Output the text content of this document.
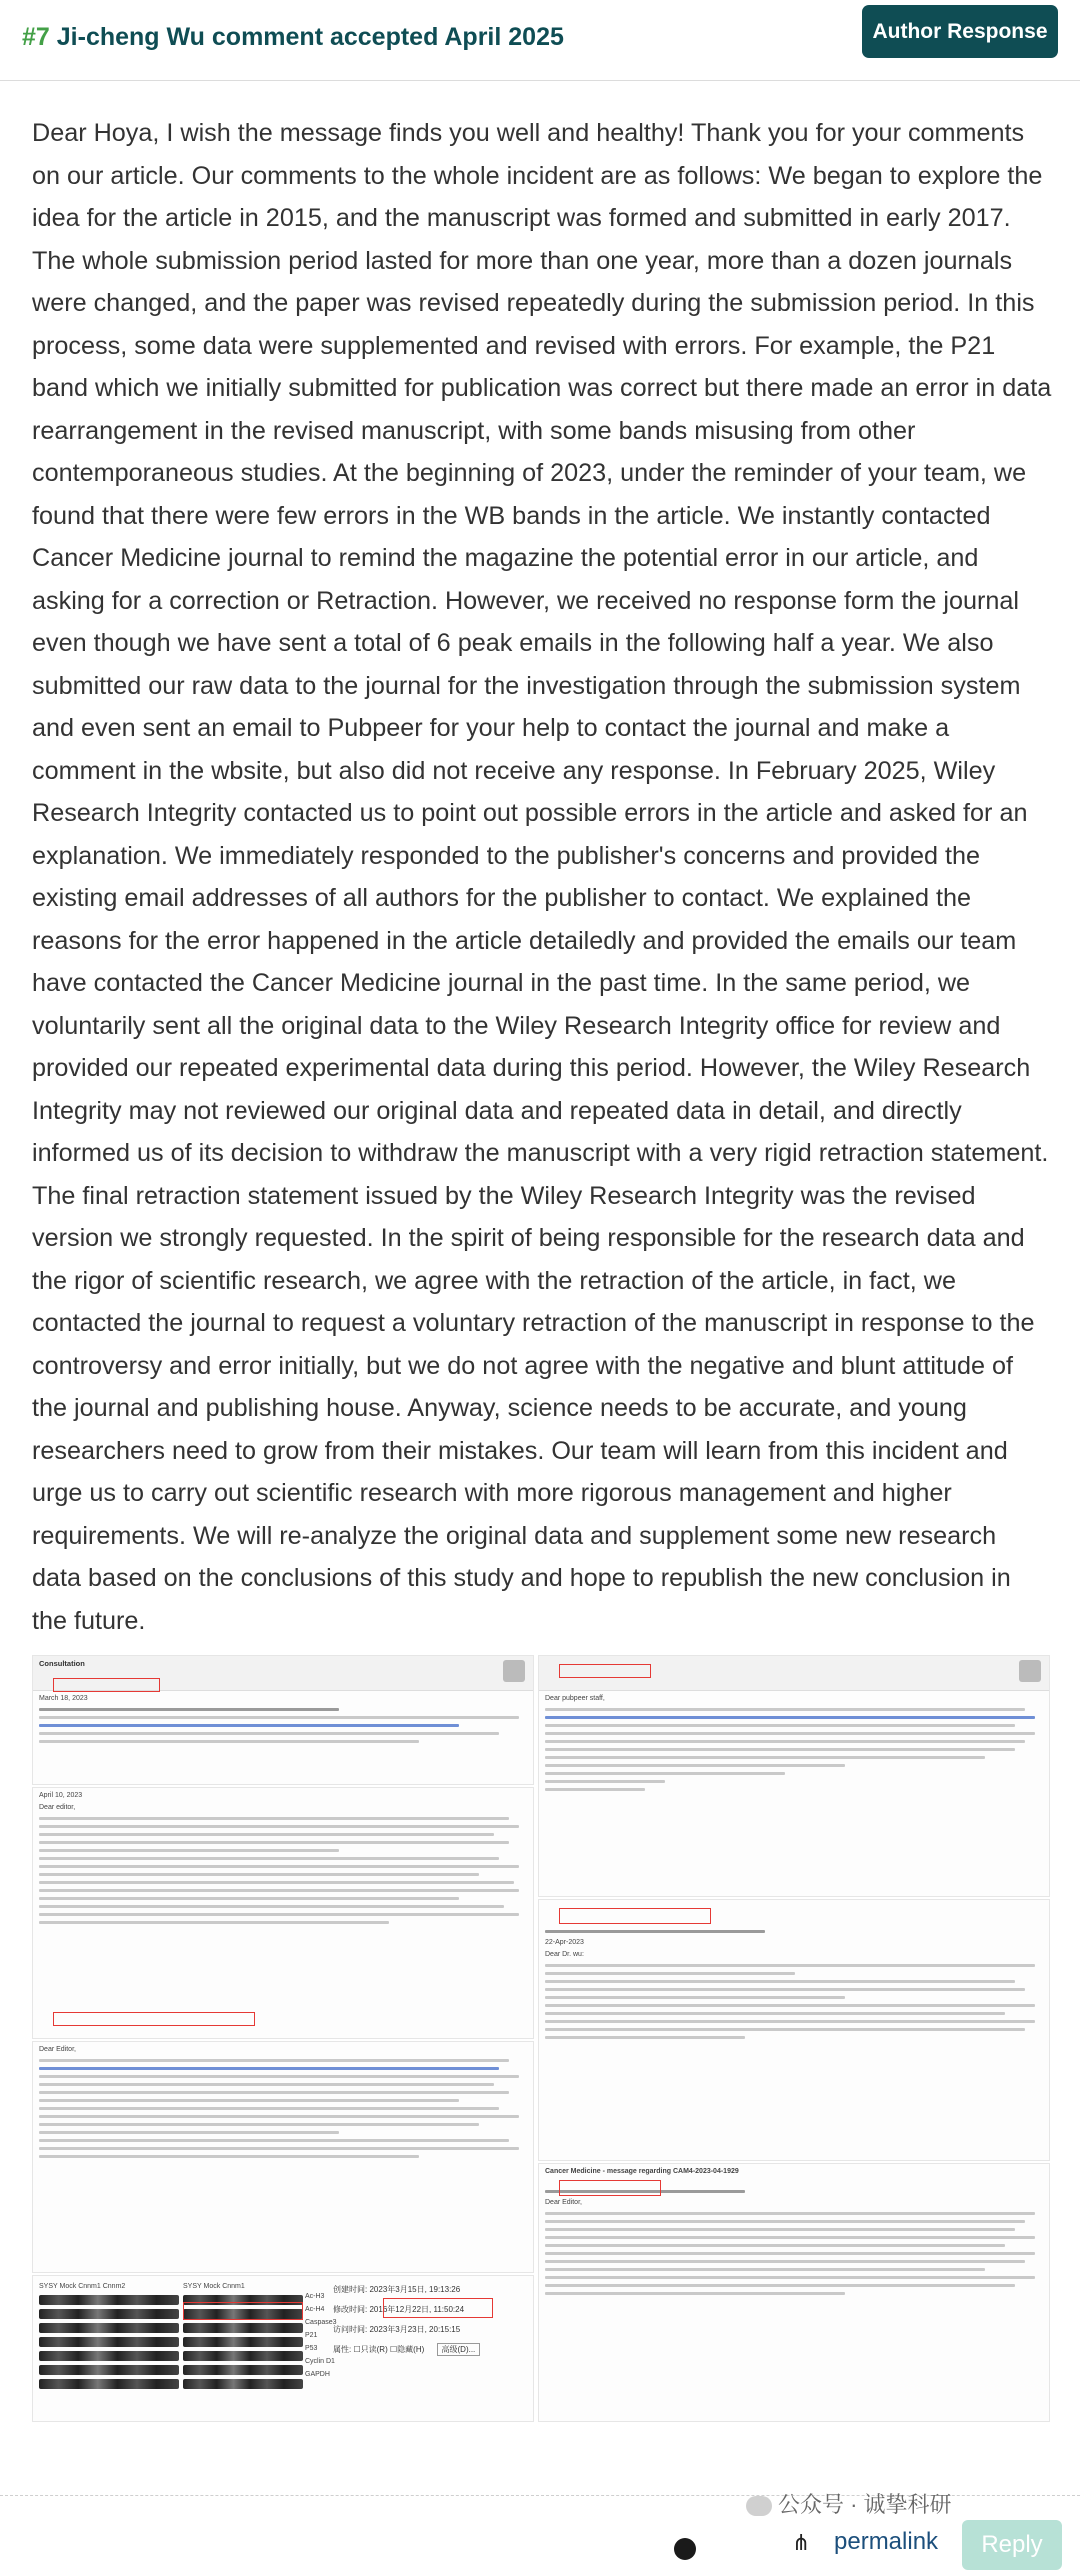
#7 Ji-cheng Wu comment accepted April 2025	Author Response

Dear Hoya, I wish the message finds you well and healthy! Thank you for your comments on our article. Our comments to the whole incident are as follows: We began to explore the idea for the article in 2015, and the manuscript was formed and submitted in early 2017. The whole submission period lasted for more than one year, more than a dozen journals were changed, and the paper was revised repeatedly during the submission period. In this process, some data were supplemented and revised with errors. For example, the P21 band which we initially submitted for publication was correct but there made an error in data rearrangement in the revised manuscript, with some bands misusing from other contemporaneous studies. At the beginning of 2023, under the reminder of your team, we found that there were few errors in the WB bands in the article. We instantly contacted Cancer Medicine journal to remind the magazine the potential error in our article, and asking for a correction or Retraction. However, we received no response form the journal even though we have sent a total of 6 peak emails in the following half a year. We also submitted our raw data to the journal for the investigation through the submission system and even sent an email to Pubpeer for your help to contact the journal and make a comment in the wbsite, but also did not receive any response. In February 2025, Wiley Research Integrity contacted us to point out possible errors in the article and asked for an explanation. We immediately responded to the publisher's concerns and provided the existing email addresses of all authors for the publisher to contact. We explained the reasons for the error happened in the article detailedly and provided the emails our team have contacted the Cancer Medicine journal in the past time. In the same period, we voluntarily sent all the original data to the Wiley Research Integrity office for review and provided our repeated experimental data during this period. However, the Wiley Research Integrity may not reviewed our original data and repeated data in detail, and directly informed us of its decision to withdraw the manuscript with a very rigid retraction statement. The final retraction statement issued by the Wiley Research Integrity was the revised version we strongly requested. In the spirit of being responsible for the research data and the rigor of scientific research, we agree with the retraction of the article, in fact, we contacted the journal to request a voluntary retraction of the manuscript in response to the controversy and error initially, but we do not agree with the negative and blunt attitude of the journal and publishing house. Anyway, science needs to be accurate, and young researchers need to grow from their mistakes. Our team will learn from this incident and urge us to carry out scientific research with more rigorous management and higher requirements. We will re-analyze the original data and supplement some new research data based on the conclusions of this study and hope to republish the new conclusion in the future.

Consultation
March 18, 2023
April 10, 2023
Dear editor,
Dear Editor,
SYSY Mock Cnnm1 Cnnm2	SYSY Mock Cnnm1
Ac-H3
Ac-H4
Caspase3
P21
P53
Cyclin D1
GAPDH
创建时间: 2023年3月15日, 19:13:26
修改时间: 2016年12月22日, 11:50:24
访问时间: 2023年3月23日, 20:15:15
属性: ☐只读(R) ☐隐藏(H) 高级(D)...
Dear pubpeer staff,
22-Apr-2023
Dear Dr. wu:
Cancer Medicine - message regarding CAM4-2023-04-1929
Dear Editor,
公众号 · 诚挚科研
⋔ permalink	Reply
